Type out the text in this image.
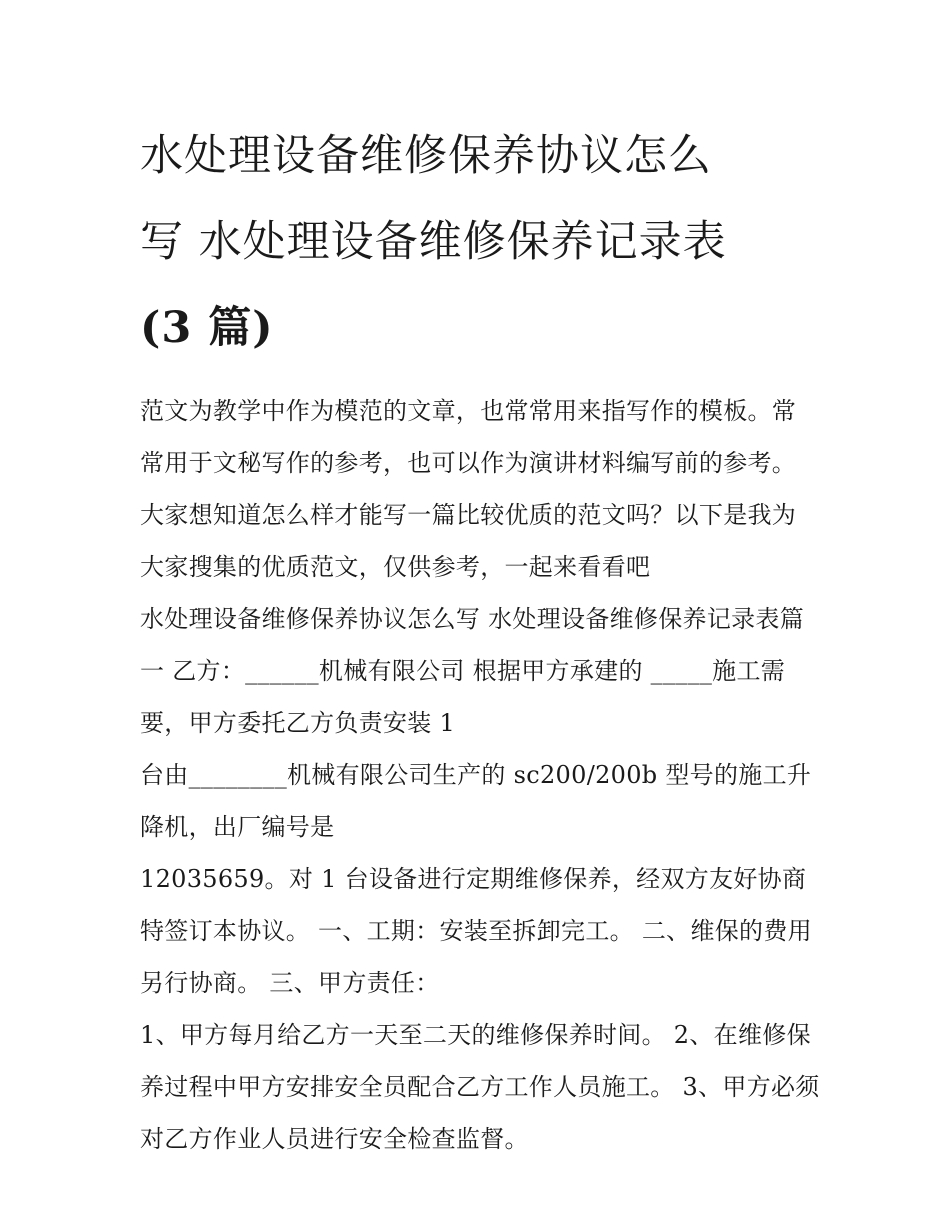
水处理设备维修保养协议怎么
写 水处理设备维修保养记录表
(3 篇)

范文为教学中作为模范的文章，也常常用来指写作的模板。常常用于文秘写作的参考，也可以作为演讲材料编写前的参考。大家想知道怎么样才能写一篇比较优质的范文吗？以下是我为大家搜集的优质范文，仅供参考，一起来看看吧

水处理设备维修保养协议怎么写 水处理设备维修保养记录表篇一 乙方：______机械有限公司 根据甲方承建的 _____施工需要，甲方委托乙方负责安装 1

台由________机械有限公司生产的 sc200/200b 型号的施工升降机，出厂编号是

12035659。对 1 台设备进行定期维修保养，经双方友好协商特签订本协议。 一、工期：安装至拆卸完工。 二、维保的费用另行协商。 三、甲方责任：

1、甲方每月给乙方一天至二天的维修保养时间。 2、在维修保养过程中甲方安排安全员配合乙方工作人员施工。 3、甲方必须对乙方作业人员进行安全检查监督。
